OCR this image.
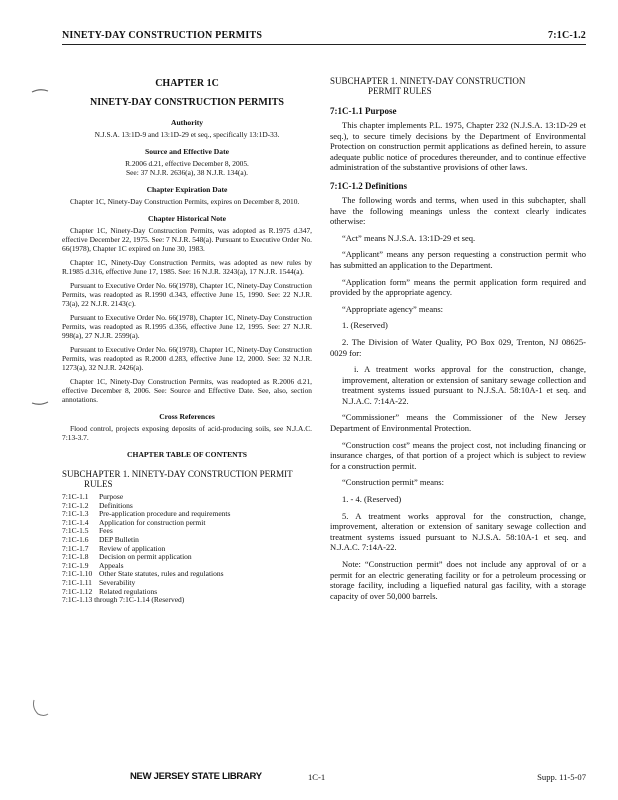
NINETY-DAY CONSTRUCTION PERMITS	7:1C-1.2
CHAPTER 1C
NINETY-DAY CONSTRUCTION PERMITS
Authority

N.J.S.A. 13:1D-9 and 13:1D-29 et seq., specifically 13:1D-33.

Source and Effective Date

R.2006 d.21, effective December 8, 2005.

See: 37 N.J.R. 2636(a), 38 N.J.R. 134(a).

Chapter Expiration Date

Chapter 1C, Ninety-Day Construction Permits, expires on December 8, 2010.

Chapter Historical Note

Chapter 1C, Ninety-Day Construction Permits, was adopted as R.1975 d.347, effective December 22, 1975. See: 7 N.J.R. 548(a). Pursuant to Executive Order No. 66(1978), Chapter 1C expired on June 30, 1983.

Chapter 1C, Ninety-Day Construction Permits, was adopted as new rules by R.1985 d.316, effective June 17, 1985. See: 16 N.J.R. 3243(a), 17 N.J.R. 1544(a).

Pursuant to Executive Order No. 66(1978), Chapter 1C, Ninety-Day Construction Permits, was readopted as R.1990 d.343, effective June 15, 1990. See: 22 N.J.R. 73(a), 22 N.J.R. 2143(c).

Pursuant to Executive Order No. 66(1978), Chapter 1C, Ninety-Day Construction Permits, was readopted as R.1995 d.356, effective June 12, 1995. See: 27 N.J.R. 998(a), 27 N.J.R. 2599(a).

Pursuant to Executive Order No. 66(1978), Chapter 1C, Ninety-Day Construction Permits, was readopted as R.2000 d.283, effective June 12, 2000. See: 32 N.J.R. 1273(a), 32 N.J.R. 2426(a).

Chapter 1C, Ninety-Day Construction Permits, was readopted as R.2006 d.21, effective December 8, 2006. See: Source and Effective Date. See, also, section annotations.

Cross References

Flood control, projects exposing deposits of acid-producing soils, see N.J.A.C. 7:13-3.7.

CHAPTER TABLE OF CONTENTS
SUBCHAPTER 1. NINETY-DAY CONSTRUCTION PERMIT
RULES
7:1C-1.1	Purpose
7:1C-1.2	Definitions
7:1C-1.3	Pre-application procedure and requirements
7:1C-1.4	Application for construction permit
7:1C-1.5	Fees
7:1C-1.6	DEP Bulletin
7:1C-1.7	Review of application
7:1C-1.8	Decision on permit application
7:1C-1.9	Appeals
7:1C-1.10 Other State statutes, rules and regulations
7:1C-1.11 Severability
7:1C-1.12 Related regulations
7:1C-1.13 through 7:1C-1.14 (Reserved)
SUBCHAPTER 1. NINETY-DAY CONSTRUCTION
PERMIT RULES
7:1C-1.1 Purpose

This chapter implements P.L. 1975, Chapter 232 (N.J.S.A. 13:1D-29 et seq.), to secure timely decisions by the Department of Environmental Protection on construction permit applications as defined herein, to assure adequate public notice of procedures thereunder, and to continue effective administration of the substantive provisions of other laws.

7:1C-1.2 Definitions

The following words and terms, when used in this subchapter, shall have the following meanings unless the context clearly indicates otherwise:

“Act” means N.J.S.A. 13:1D-29 et seq.

“Applicant” means any person requesting a construction permit who has submitted an application to the Department.

“Application form” means the permit application form required and provided by the appropriate agency.

“Appropriate agency” means:

1. (Reserved)

2. The Division of Water Quality, PO Box 029, Trenton, NJ 08625-0029 for:

i. A treatment works approval for the construction, change, improvement, alteration or extension of sanitary sewage collection and treatment systems issued pursuant to N.J.S.A. 58:10A-1 et seq. and N.J.A.C. 7:14A-22.

“Commissioner” means the Commissioner of the New Jersey Department of Environmental Protection.

“Construction cost” means the project cost, not including financing or insurance charges, of that portion of a project which is subject to review for a construction permit.

“Construction permit” means:

1. - 4. (Reserved)

5. A treatment works approval for the construction, change, improvement, alteration or extension of sanitary sewage collection and treatment systems issued pursuant to N.J.S.A. 58:10A-1 et seq. and N.J.A.C. 7:14A-22.

Note: “Construction permit” does not include any approval of or a permit for an electric generating facility or for a petroleum processing or storage facility, including a liquefied natural gas facility, with a storage capacity of over 50,000 barrels.

NEW JERSEY STATE LIBRARY	1C-1	Supp. 11-5-07
